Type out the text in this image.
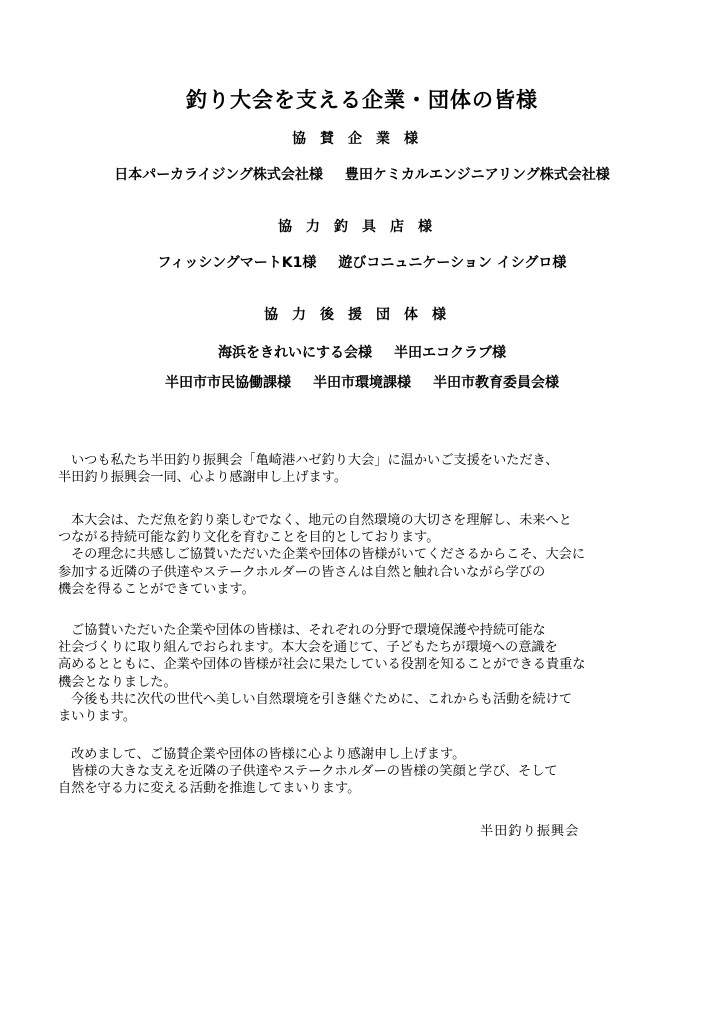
釣り大会を支える企業・団体の皆様
協賛企業様
日本パーカライジング株式会社様 豊田ケミカルエンジニアリング株式会社様
協力釣具店様
フィッシングマートK1様 遊びコニュニケーション イシグロ様
協力後援団体様
海浜をきれいにする会様 半田エコクラブ様
半田市市民協働課様 半田市環境課様 半田市教育委員会様
いつも私たち半田釣り振興会「亀崎港ハゼ釣り大会」に温かいご支援をいただき、
半田釣り振興会一同、心より感謝申し上げます。
本大会は、ただ魚を釣り楽しむでなく、地元の自然環境の大切さを理解し、未来へと
つながる持続可能な釣り文化を育むことを目的としております。
その理念に共感しご協賛いただいた企業や団体の皆様がいてくださるからこそ、大会に
参加する近隣の子供達やステークホルダーの皆さんは自然と触れ合いながら学びの
機会を得ることができています。
ご協賛いただいた企業や団体の皆様は、それぞれの分野で環境保護や持続可能な
社会づくりに取り組んでおられます。本大会を通じて、子どもたちが環境への意識を
高めるとともに、企業や団体の皆様が社会に果たしている役割を知ることができる貴重な
機会となりました。
今後も共に次代の世代へ美しい自然環境を引き継ぐために、これからも活動を続けて
まいります。
改めまして、ご協賛企業や団体の皆様に心より感謝申し上げます。
皆様の大きな支えを近隣の子供達やステークホルダーの皆様の笑顔と学び、そして
自然を守る力に変える活動を推進してまいります。
半田釣り振興会
